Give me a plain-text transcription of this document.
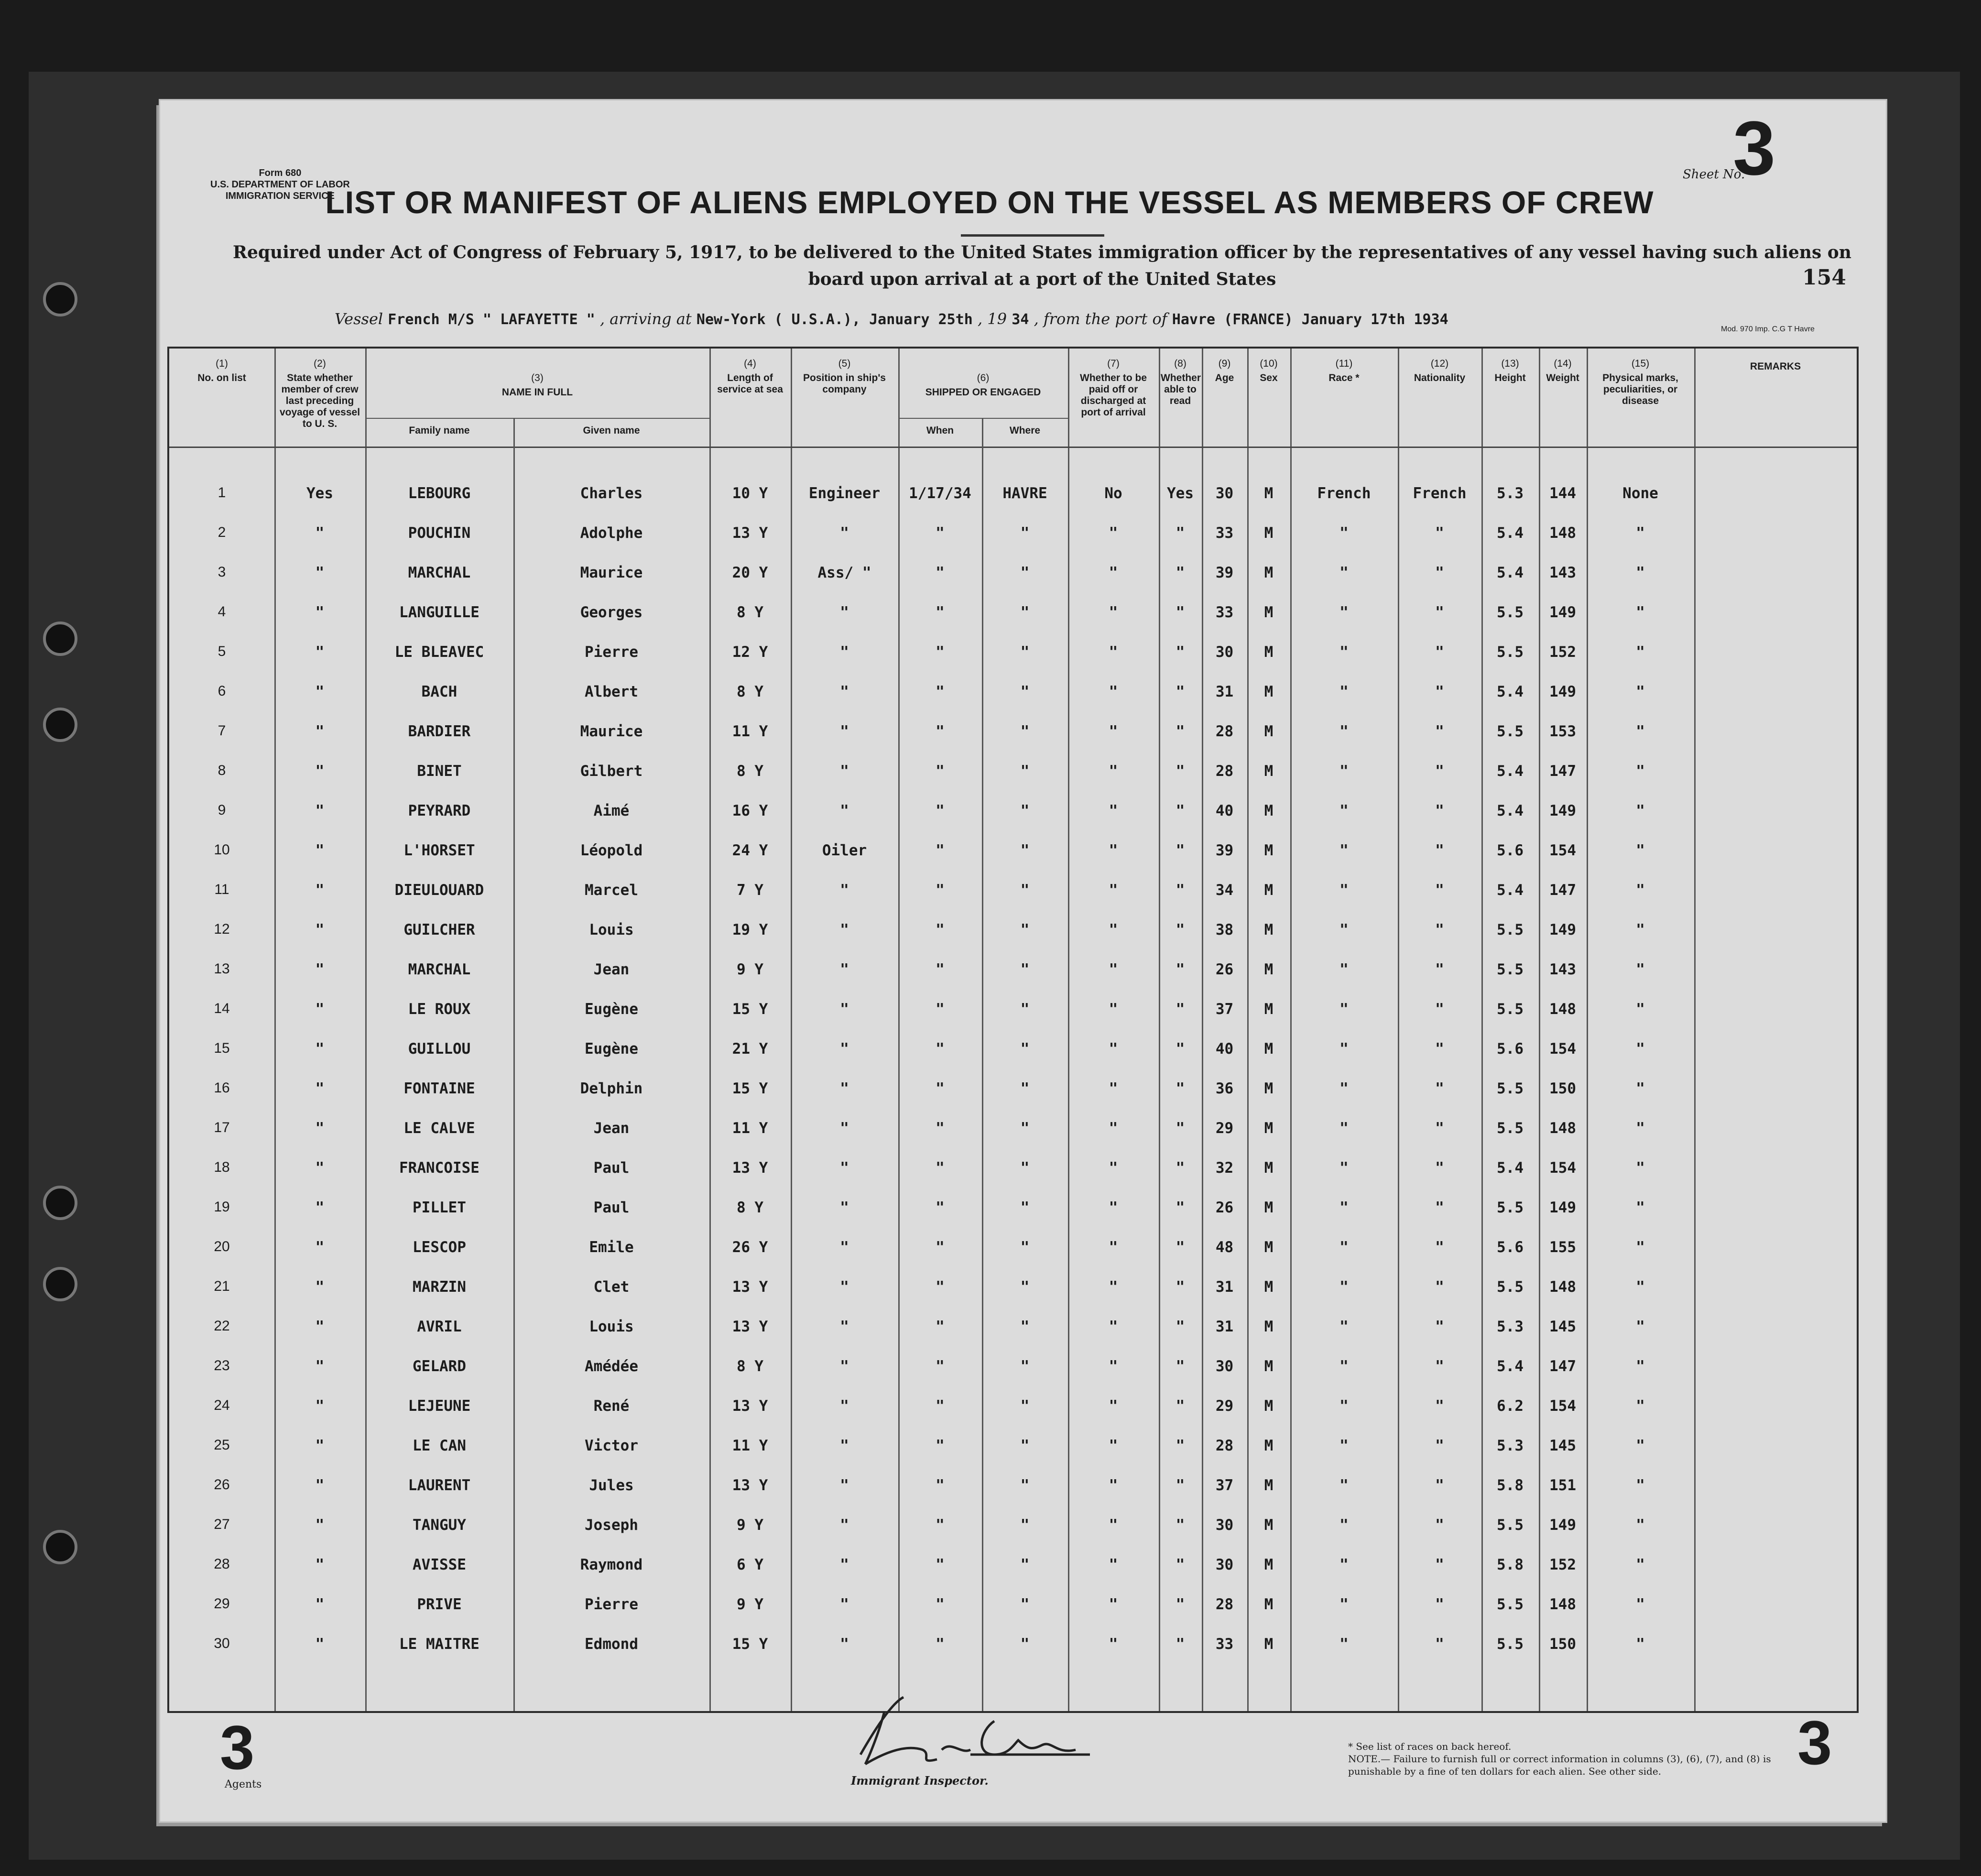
Form 680
U.S. DEPARTMENT OF LABOR
IMMIGRATION SERVICE
Sheet No.
3
LIST OR MANIFEST OF ALIENS EMPLOYED ON THE VESSEL AS MEMBERS OF CREW
Required under Act of Congress of February 5, 1917, to be delivered to the United States immigration officer by the representatives of any vessel having such aliens on board upon arrival at a port of the United States	154
Vessel French M/S " LAFAYETTE " , arriving at New-York ( U.S.A.), January 25th , 19 34 , from the port of Havre (FRANCE) January 17th 1934
Mod. 970 Imp. C.G T Havre
(1)
No. on list
(2)
State whether member of crew last preceding voyage of vessel to U. S.
(3)
NAME IN FULL
(4)
Length of service at sea
(5)
Position in ship's company
(6)
SHIPPED OR ENGAGED
(7)
Whether to be paid off or discharged at port of arrival
(8)
Whether able to read
(9)
Age
(10)
Sex
(11)
Race *
(12)
Nationality
(13)
Height
(14)
Weight
(15)
Physical marks, peculiarities, or disease
REMARKS
Family name	Given name	When	Where
1	Yes	LEBOURG	Charles	10 Y	Engineer	1/17/34	HAVRE	No	Yes	30	M	French	French	5.3	144	None
2	"	POUCHIN	Adolphe	13 Y	"	"	"	"	"	33	M	"	"	5.4	148	"
3	"	MARCHAL	Maurice	20 Y	Ass/ "	"	"	"	"	39	M	"	"	5.4	143	"
4	"	LANGUILLE	Georges	8 Y	"	"	"	"	"	33	M	"	"	5.5	149	"
5	"	LE BLEAVEC	Pierre	12 Y	"	"	"	"	"	30	M	"	"	5.5	152	"
6	"	BACH	Albert	8 Y	"	"	"	"	"	31	M	"	"	5.4	149	"
7	"	BARDIER	Maurice	11 Y	"	"	"	"	"	28	M	"	"	5.5	153	"
8	"	BINET	Gilbert	8 Y	"	"	"	"	"	28	M	"	"	5.4	147	"
9	"	PEYRARD	Aimé	16 Y	"	"	"	"	"	40	M	"	"	5.4	149	"
10	"	L'HORSET	Léopold	24 Y	Oiler	"	"	"	"	39	M	"	"	5.6	154	"
11	"	DIEULOUARD	Marcel	7 Y	"	"	"	"	"	34	M	"	"	5.4	147	"
12	"	GUILCHER	Louis	19 Y	"	"	"	"	"	38	M	"	"	5.5	149	"
13	"	MARCHAL	Jean	9 Y	"	"	"	"	"	26	M	"	"	5.5	143	"
14	"	LE ROUX	Eugène	15 Y	"	"	"	"	"	37	M	"	"	5.5	148	"
15	"	GUILLOU	Eugène	21 Y	"	"	"	"	"	40	M	"	"	5.6	154	"
16	"	FONTAINE	Delphin	15 Y	"	"	"	"	"	36	M	"	"	5.5	150	"
17	"	LE CALVE	Jean	11 Y	"	"	"	"	"	29	M	"	"	5.5	148	"
18	"	FRANCOISE	Paul	13 Y	"	"	"	"	"	32	M	"	"	5.4	154	"
19	"	PILLET	Paul	8 Y	"	"	"	"	"	26	M	"	"	5.5	149	"
20	"	LESCOP	Emile	26 Y	"	"	"	"	"	48	M	"	"	5.6	155	"
21	"	MARZIN	Clet	13 Y	"	"	"	"	"	31	M	"	"	5.5	148	"
22	"	AVRIL	Louis	13 Y	"	"	"	"	"	31	M	"	"	5.3	145	"
23	"	GELARD	Amédée	8 Y	"	"	"	"	"	30	M	"	"	5.4	147	"
24	"	LEJEUNE	René	13 Y	"	"	"	"	"	29	M	"	"	6.2	154	"
25	"	LE CAN	Victor	11 Y	"	"	"	"	"	28	M	"	"	5.3	145	"
26	"	LAURENT	Jules	13 Y	"	"	"	"	"	37	M	"	"	5.8	151	"
27	"	TANGUY	Joseph	9 Y	"	"	"	"	"	30	M	"	"	5.5	149	"
28	"	AVISSE	Raymond	6 Y	"	"	"	"	"	30	M	"	"	5.8	152	"
29	"	PRIVE	Pierre	9 Y	"	"	"	"	"	28	M	"	"	5.5	148	"
30	"	LE MAITRE	Edmond	15 Y	"	"	"	"	"	33	M	"	"	5.5	150	"
3	3
Agents	Immigrant Inspector.
* See list of races on back hereof.
NOTE.— Failure to furnish full or correct information in columns (3), (6), (7), and (8) is punishable by a fine of ten dollars for each alien. See other side.
